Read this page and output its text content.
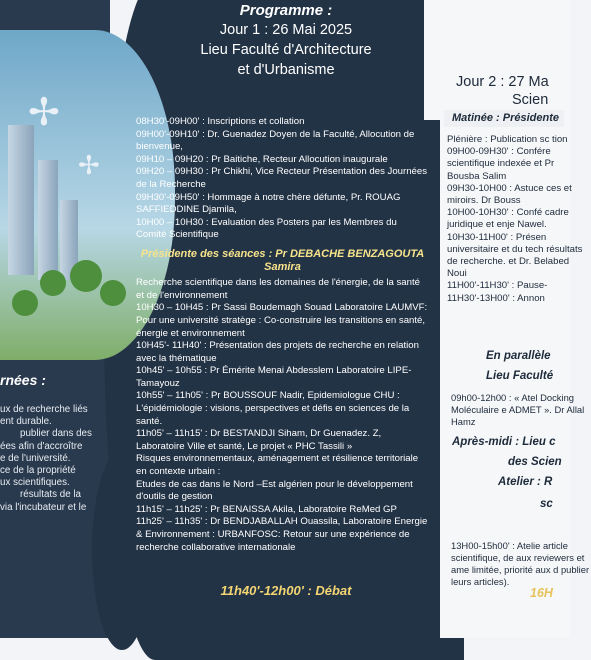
✢
✢
rnées :
ux de recherche liés
ent durable.
publier dans des
ées afin d'accroître
e de l'université.
ce de la propriété
ux scientifiques.
résultats de la
via l'incubateur et le
Programme :
Jour 1 : 26 Mai 2025
Lieu Faculté d'Architecture
et d'Urbanisme

08H30'-09H00' : Inscriptions et collation

09H00'-09H10' : Dr. Guenadez Doyen de la Faculté, Allocution de bienvenue,

09H10 – 09H20 : Pr Baitiche, Recteur Allocution inaugurale

09H20 – 09H30 : Pr Chikhi, Vice Recteur Présentation des Journées de la Recherche

09H30'-09H50' : Hommage à notre chère défunte, Pr. ROUAG SAFFIEDDINE Djamila,

10H00 – 10H30 : Evaluation des Posters par les Membres du Comité Scientifique

Présidente des séances : Pr DEBACHE BENZAGOUTA Samira

Recherche scientifique dans les domaines de l'énergie, de la santé et de l'environnement

10H30 – 10H45 : Pr Sassi Boudemagh Souad Laboratoire LAUMVF: Pour une université stratège : Co-construire les transitions en santé, énergie et environnement

10H45'- 11H40' : Présentation des projets de recherche en relation avec la thématique

10h45' – 10h55 : Pr Émérite Menai Abdesslem Laboratoire LIPE-Tamayouz

10h55' – 11h05' : Pr BOUSSOUF Nadir, Epidemiologue CHU : L'épidémiologie : visions, perspectives et défis en sciences de la santé.

11h05' – 11h15' : Dr BESTANDJI Siham, Dr Guenadez. Z, Laboratoire Ville et santé, Le projet « PHC Tassili »

Risques environnementaux, aménagement et résilience territoriale en contexte urbain :

Etudes de cas dans le Nord –Est algérien pour le développement d'outils de gestion

11h15' – 11h25' : Pr BENAISSA Akila, Laboratoire ReMed GP

11h25' – 11h35' : Dr BENDJABALLAH Ouassila, Laboratoire Energie & Environnement : URBANFOSC: Retour sur une expérience de recherche collaborative internationale

11h40'-12h00' : Débat
Jour 2 : 27 Ma
Scien
Matinée : Présidente

Plénière : Publication sc tion

09H00-09H30' : Confére scientifique indexée et Pr Bousba Salim

09H30-10H00 : Astuce ces et miroirs. Dr Bouss

10H00-10H30' : Confé cadre juridique et enje Nawel.

10H30-11H00' : Présen universitaire et du tech résultats de recherche. et Dr. Belabed Noui

11H00'-11H30' : Pause-

11H30'-13H00' : Annon

En parallèle
Lieu Faculté
09h00-12h00 : « Atel Docking Moléculaire e ADMET ». Dr Allal Hamz
Après-midi : Lieu c
des Scien
Atelier : R
sc
13H00-15h00' : Atelie article scientifique, de aux reviewers et ame limitée, priorité aux d publier leurs articles).
16H
